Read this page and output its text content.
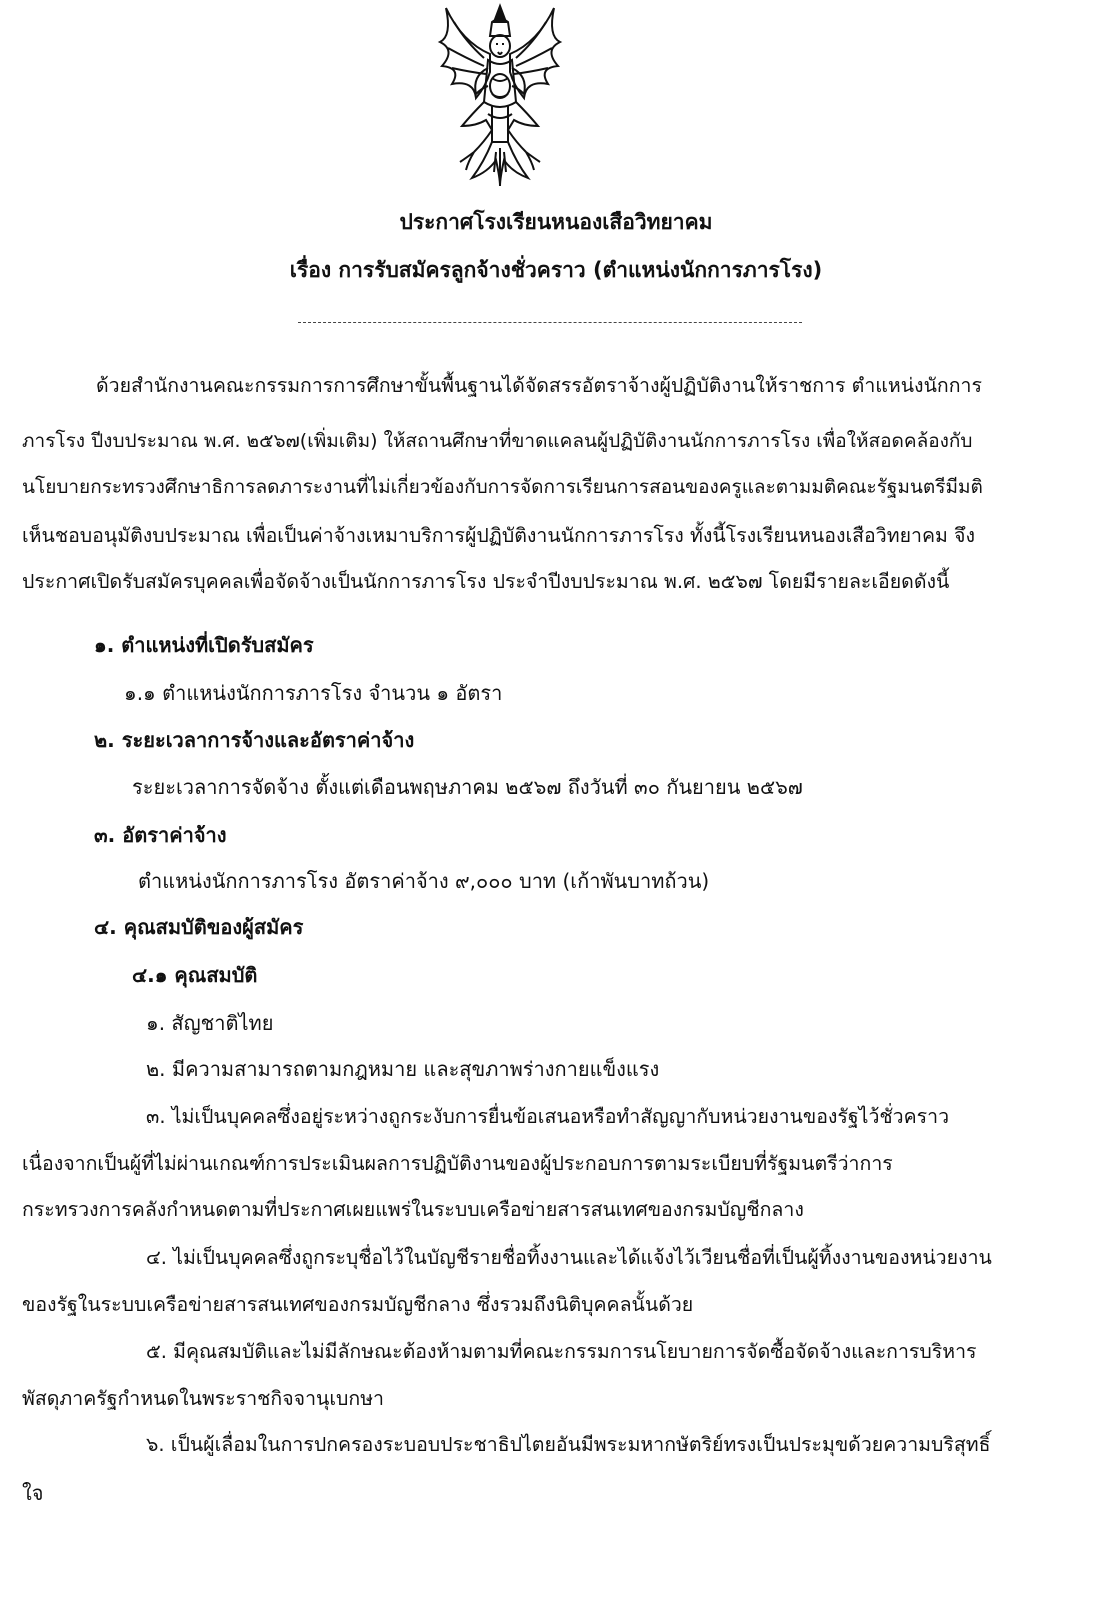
ประกาศโรงเรียนหนองเสือวิทยาคม
เรื่อง การรับสมัครลูกจ้างชั่วคราว (ตำแหน่งนักการภารโรง)
ด้วยสำนักงานคณะกรรมการการศึกษาขั้นพื้นฐานได้จัดสรรอัตราจ้างผู้ปฏิบัติงานให้ราชการ ตำแหน่งนักการ
ภารโรง ปีงบประมาณ พ.ศ. ๒๕๖๗(เพิ่มเติม) ให้สถานศึกษาที่ขาดแคลนผู้ปฏิบัติงานนักการภารโรง เพื่อให้สอดคล้องกับ
นโยบายกระทรวงศึกษาธิการลดภาระงานที่ไม่เกี่ยวข้องกับการจัดการเรียนการสอนของครูและตามมติคณะรัฐมนตรีมีมติ
เห็นชอบอนุมัติงบประมาณ เพื่อเป็นค่าจ้างเหมาบริการผู้ปฏิบัติงานนักการภารโรง ทั้งนี้โรงเรียนหนองเสือวิทยาคม จึง
ประกาศเปิดรับสมัครบุคคลเพื่อจัดจ้างเป็นนักการภารโรง ประจำปีงบประมาณ พ.ศ. ๒๕๖๗ โดยมีรายละเอียดดังนี้
๑. ตำแหน่งที่เปิดรับสมัคร
๑.๑ ตำแหน่งนักการภารโรง จำนวน ๑ อัตรา
๒. ระยะเวลาการจ้างและอัตราค่าจ้าง
ระยะเวลาการจัดจ้าง ตั้งแต่เดือนพฤษภาคม ๒๕๖๗ ถึงวันที่ ๓๐ กันยายน ๒๕๖๗
๓. อัตราค่าจ้าง
ตำแหน่งนักการภารโรง อัตราค่าจ้าง ๙,๐๐๐ บาท (เก้าพันบาทถ้วน)
๔. คุณสมบัติของผู้สมัคร
๔.๑ คุณสมบัติ
๑. สัญชาติไทย
๒. มีความสามารถตามกฎหมาย และสุขภาพร่างกายแข็งแรง
๓. ไม่เป็นบุคคลซึ่งอยู่ระหว่างถูกระงับการยื่นข้อเสนอหรือทำสัญญากับหน่วยงานของรัฐไว้ชั่วคราว
เนื่องจากเป็นผู้ที่ไม่ผ่านเกณฑ์การประเมินผลการปฏิบัติงานของผู้ประกอบการตามระเบียบที่รัฐมนตรีว่าการ
กระทรวงการคลังกำหนดตามที่ประกาศเผยแพร่ในระบบเครือข่ายสารสนเทศของกรมบัญชีกลาง
๔. ไม่เป็นบุคคลซึ่งถูกระบุชื่อไว้ในบัญชีรายชื่อทิ้งงานและได้แจ้งไว้เวียนชื่อที่เป็นผู้ทิ้งงานของหน่วยงาน
ของรัฐในระบบเครือข่ายสารสนเทศของกรมบัญชีกลาง ซึ่งรวมถึงนิติบุคคลนั้นด้วย
๕. มีคุณสมบัติและไม่มีลักษณะต้องห้ามตามที่คณะกรรมการนโยบายการจัดซื้อจัดจ้างและการบริหาร
พัสดุภาครัฐกำหนดในพระราชกิจจานุเบกษา
๖. เป็นผู้เลื่อมในการปกครองระบอบประชาธิปไตยอันมีพระมหากษัตริย์ทรงเป็นประมุขด้วยความบริสุทธิ์
ใจ
